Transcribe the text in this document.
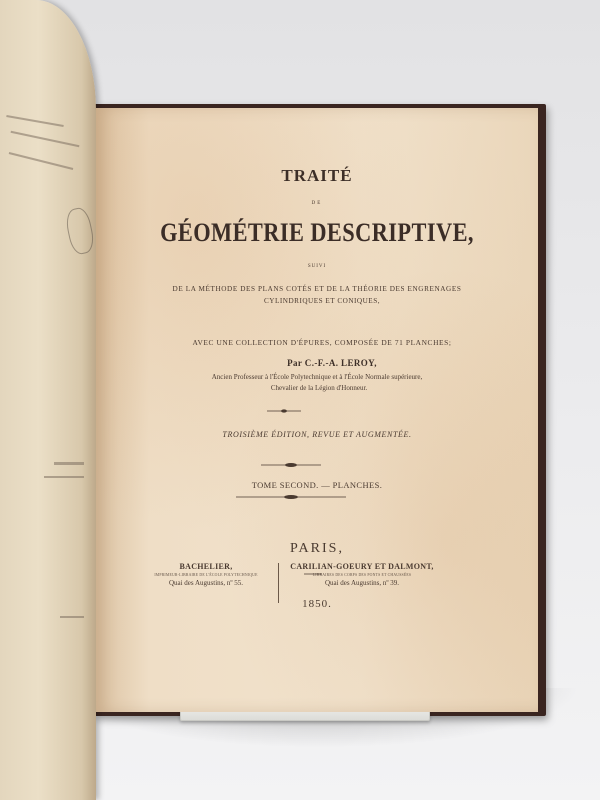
TRAITÉ
DE
GÉOMÉTRIE DESCRIPTIVE,
SUIVI
DE LA MÉTHODE DES PLANS COTÉS ET DE LA THÉORIE DES ENGRENAGES
CYLINDRIQUES ET CONIQUES,
AVEC UNE COLLECTION D'ÉPURES, COMPOSÉE DE 71 PLANCHES;
Par C.-F.-A. LEROY,
Ancien Professeur à l'École Polytechnique et à l'École Normale supérieure,
Chevalier de la Légion d'Honneur.
TROISIÈME ÉDITION, REVUE ET AUGMENTÉE.
TOME SECOND. — PLANCHES.
PARIS,
BACHELIER,
IMPRIMEUR-LIBRAIRE DE L'ÉCOLE POLYTECHNIQUE
Quai des Augustins, nº 55.
CARILIAN-GOEURY ET DALMONT,
LIBRAIRES DES CORPS DES PONTS ET CHAUSSÉES
Quai des Augustins, nº 39.
1850.
